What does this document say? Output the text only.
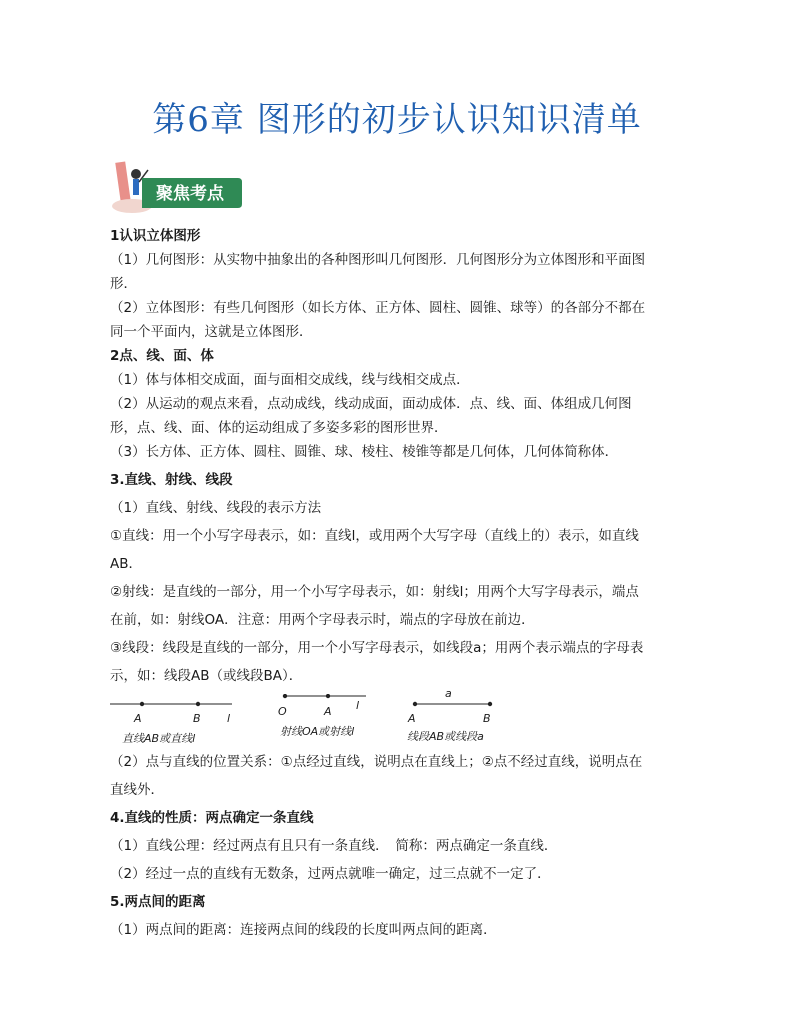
第6章 图形的初步认识知识清单
聚焦考点
1认识立体图形
（1）几何图形：从实物中抽象出的各种图形叫几何图形．几何图形分为立体图形和平面图
形．
（2）立体图形：有些几何图形（如长方体、正方体、圆柱、圆锥、球等）的各部分不都在
同一个平面内，这就是立体图形．
2点、线、面、体
（1）体与体相交成面，面与面相交成线，线与线相交成点．
（2）从运动的观点来看，点动成线，线动成面，面动成体．点、线、面、体组成几何图
形，点、线、面、体的运动组成了多姿多彩的图形世界．
（3）长方体、正方体、圆柱、圆锥、球、棱柱、棱锥等都是几何体，几何体简称体．
3.直线、射线、线段
（1）直线、射线、线段的表示方法
①直线：用一个小写字母表示，如：直线l，或用两个大写字母（直线上的）表示，如直线
AB．
②射线：是直线的一部分，用一个小写字母表示，如：射线l；用两个大写字母表示，端点
在前，如：射线OA．注意：用两个字母表示时，端点的字母放在前边．
③线段：线段是直线的一部分，用一个小写字母表示，如线段a；用两个表示端点的字母表
示，如：线段AB（或线段BA）．
A	B l
直线AB或直线l
O	A l
射线OA或射线l
a
A	B
线段AB或线段a
（2）点与直线的位置关系：①点经过直线，说明点在直线上；②点不经过直线，说明点在
直线外．
4.直线的性质：两点确定一条直线
（1）直线公理：经过两点有且只有一条直线．　简称：两点确定一条直线．
（2）经过一点的直线有无数条，过两点就唯一确定，过三点就不一定了．
5.两点间的距离
（1）两点间的距离：连接两点间的线段的长度叫两点间的距离．
